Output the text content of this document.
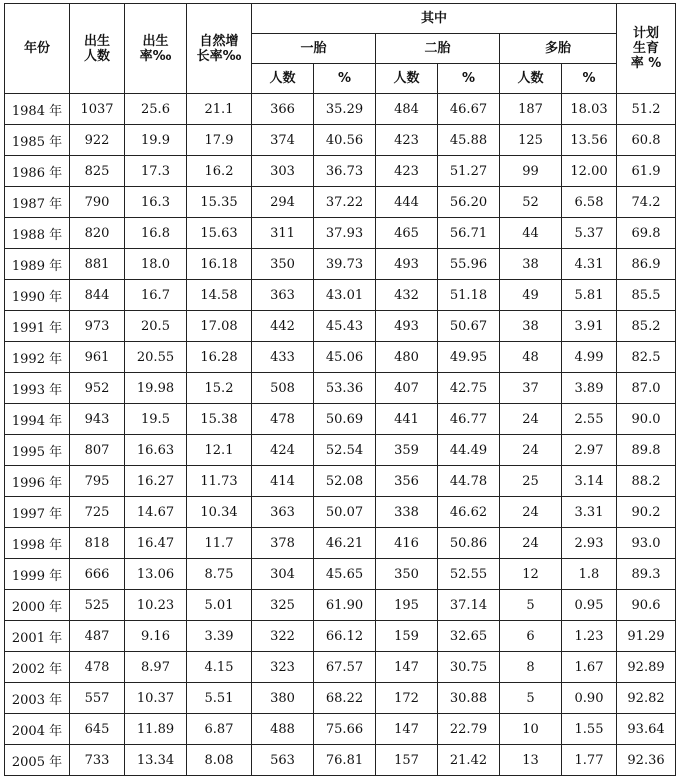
年份	出生人数	出生率‰	自然增长率‰	其中						计划生育率 %
				一胎		二胎		多胎		
				人数	%	人数	%	人数	%	
1984 年	1037	25.6	21.1	366	35.29	484	46.67	187	18.03	51.2
1985 年	922	19.9	17.9	374	40.56	423	45.88	125	13.56	60.8
1986 年	825	17.3	16.2	303	36.73	423	51.27	99	12.00	61.9
1987 年	790	16.3	15.35	294	37.22	444	56.20	52	6.58	74.2
1988 年	820	16.8	15.63	311	37.93	465	56.71	44	5.37	69.8
1989 年	881	18.0	16.18	350	39.73	493	55.96	38	4.31	86.9
1990 年	844	16.7	14.58	363	43.01	432	51.18	49	5.81	85.5
1991 年	973	20.5	17.08	442	45.43	493	50.67	38	3.91	85.2
1992 年	961	20.55	16.28	433	45.06	480	49.95	48	4.99	82.5
1993 年	952	19.98	15.2	508	53.36	407	42.75	37	3.89	87.0
1994 年	943	19.5	15.38	478	50.69	441	46.77	24	2.55	90.0
1995 年	807	16.63	12.1	424	52.54	359	44.49	24	2.97	89.8
1996 年	795	16.27	11.73	414	52.08	356	44.78	25	3.14	88.2
1997 年	725	14.67	10.34	363	50.07	338	46.62	24	3.31	90.2
1998 年	818	16.47	11.7	378	46.21	416	50.86	24	2.93	93.0
1999 年	666	13.06	8.75	304	45.65	350	52.55	12	1.8	89.3
2000 年	525	10.23	5.01	325	61.90	195	37.14	5	0.95	90.6
2001 年	487	9.16	3.39	322	66.12	159	32.65	6	1.23	91.29
2002 年	478	8.97	4.15	323	67.57	147	30.75	8	1.67	92.89
2003 年	557	10.37	5.51	380	68.22	172	30.88	5	0.90	92.82
2004 年	645	11.89	6.87	488	75.66	147	22.79	10	1.55	93.64
2005 年	733	13.34	8.08	563	76.81	157	21.42	13	1.77	92.36
